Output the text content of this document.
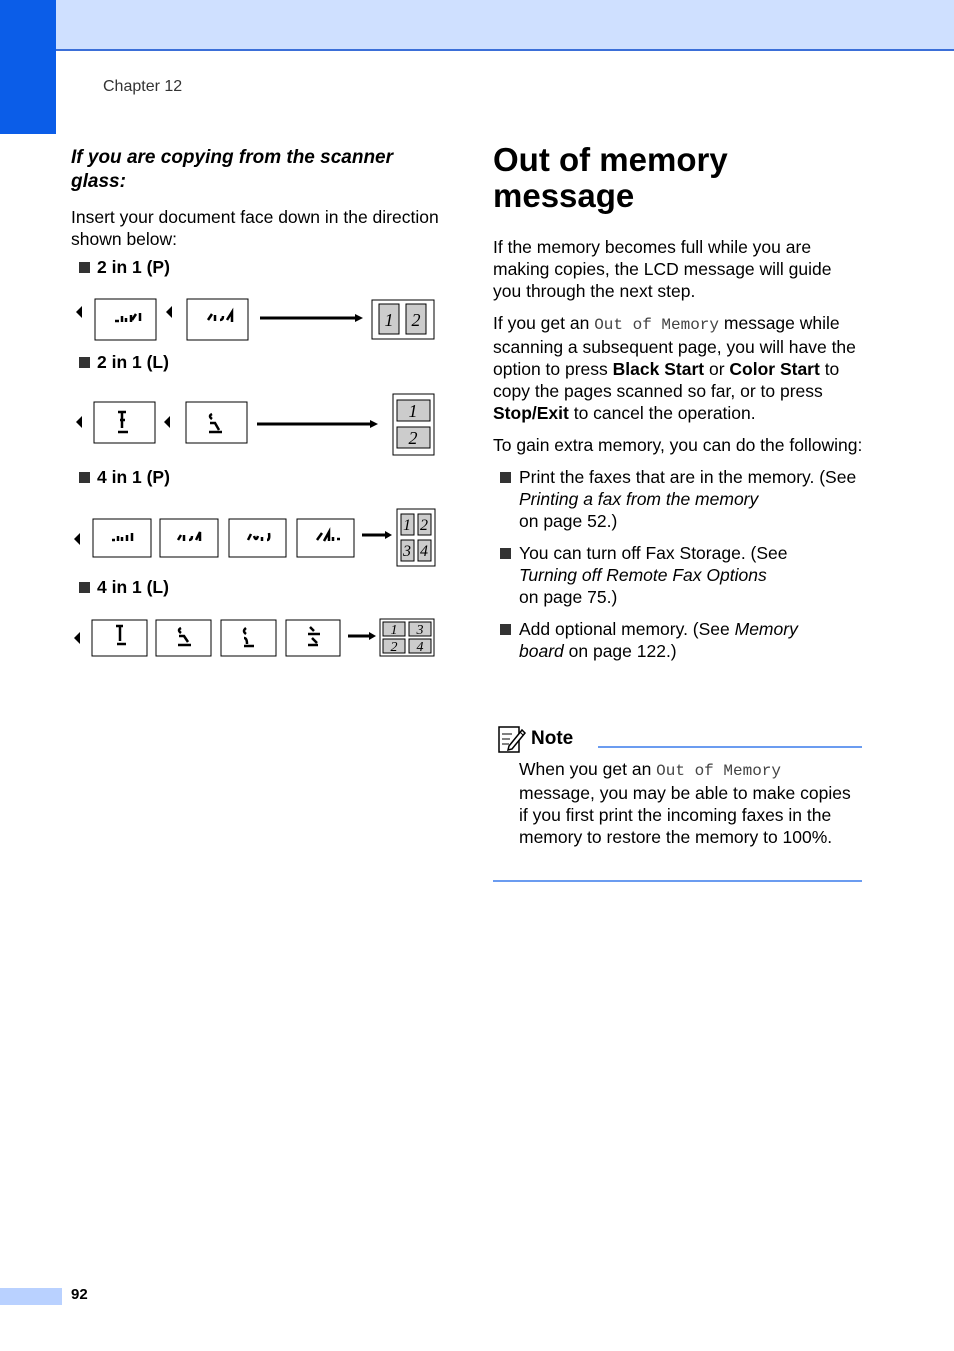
Chapter 12
If you are copying from the scanner glass:
Insert your document face down in the direction shown below:
2 in 1 (P)
2 in 1 (L)
4 in 1 (P)
4 in 1 (L)
1 2
1
2
1 2
3 4
1 3
2 4
Out of memory
message
If the memory becomes full while you are making copies, the LCD message will guide you through the next step.
If you get an Out of Memory message while scanning a subsequent page, you will have the option to press Black Start or Color Start to copy the pages scanned so far, or to press Stop/Exit to cancel the operation.
To gain extra memory, you can do the following:
Print the faxes that are in the memory. (See Printing a fax from the memory
on page 52.)
You can turn off Fax Storage. (See
Turning off Remote Fax Options
on page 75.)
Add optional memory. (See Memory
board on page 122.)
Note
When you get an Out of Memory
message, you may be able to make copies if you first print the incoming faxes in the memory to restore the memory to 100%.
92
